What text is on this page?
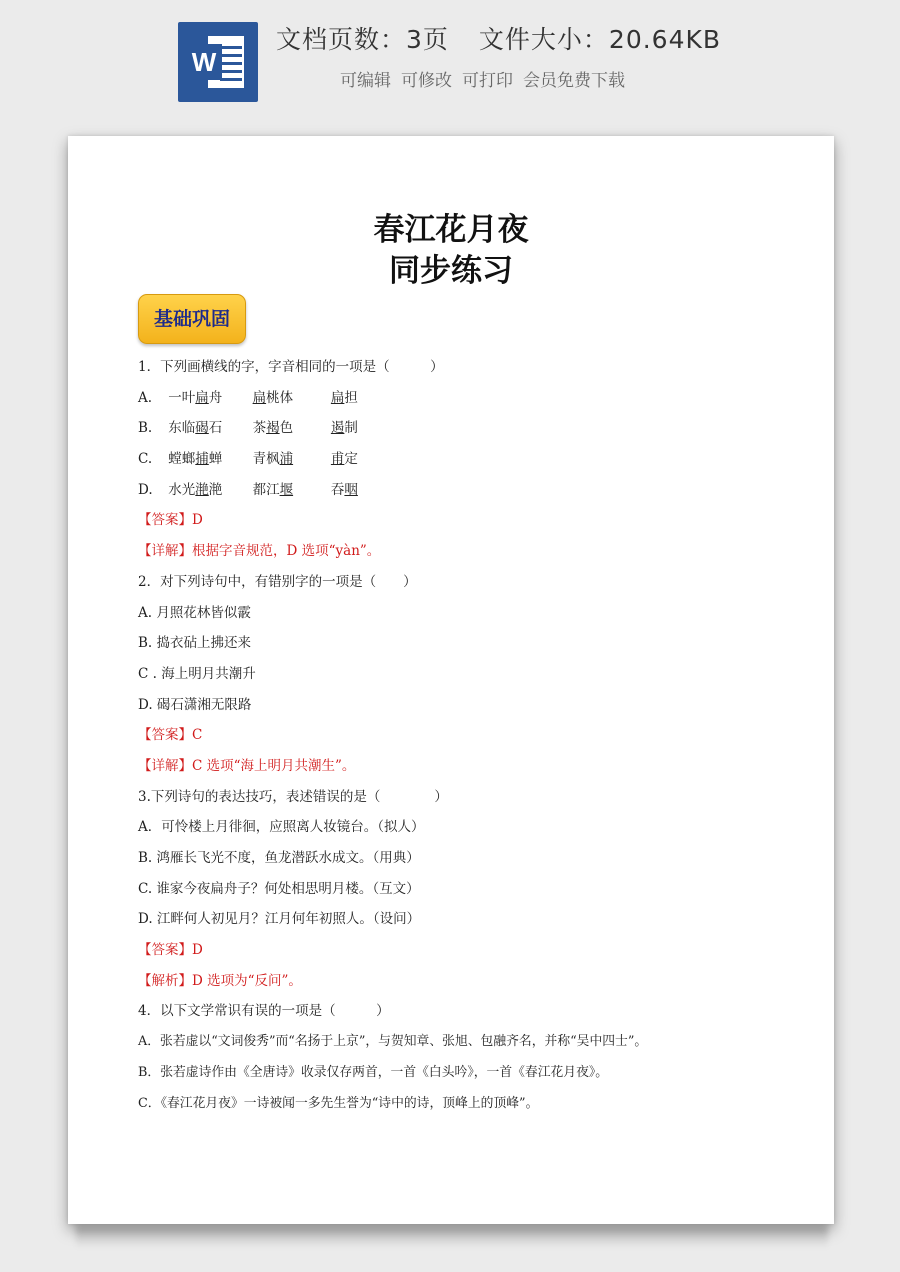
W
文档页数：3页 文件大小：20.64KB
可编辑 可修改 可打印 会员免费下载
春江花月夜
同步练习
基础巩固
1．下列画横线的字，字音相同的一项是（　　　）
A. 一叶扁舟 扁桃体	扁担
B. 东临碣石 茶褐色	遏制
C. 螳螂捕蝉 青枫浦	甫定
D. 水光滟滟 都江堰	吞咽
【答案】D
【详解】根据字音规范，D 选项“yàn”。
2．对下列诗句中，有错别字的一项是（　　）
A. 月照花林皆似霰
B. 捣衣砧上拂还来
C . 海上明月共潮升
D. 碣石潇湘无限路
【答案】C
【详解】C 选项“海上明月共潮生”。
3.下列诗句的表达技巧，表述错误的是（　　　　）
A．可怜楼上月徘徊，应照离人妆镜台。（拟人）
B. 鸿雁长飞光不度，鱼龙潜跃水成文。（用典）
C. 谁家今夜扁舟子？何处相思明月楼。（互文）
D. 江畔何人初见月？江月何年初照人。（设问）
【答案】D
【解析】D 选项为“反问”。
4．以下文学常识有误的一项是（　　　）
A．张若虚以“文词俊秀”而“名扬于上京”，与贺知章、张旭、包融齐名，并称“吴中四士”。
B．张若虚诗作由《全唐诗》收录仅存两首，一首《白头吟》，一首《春江花月夜》。
C．《春江花月夜》一诗被闻一多先生誉为“诗中的诗，顶峰上的顶峰”。
